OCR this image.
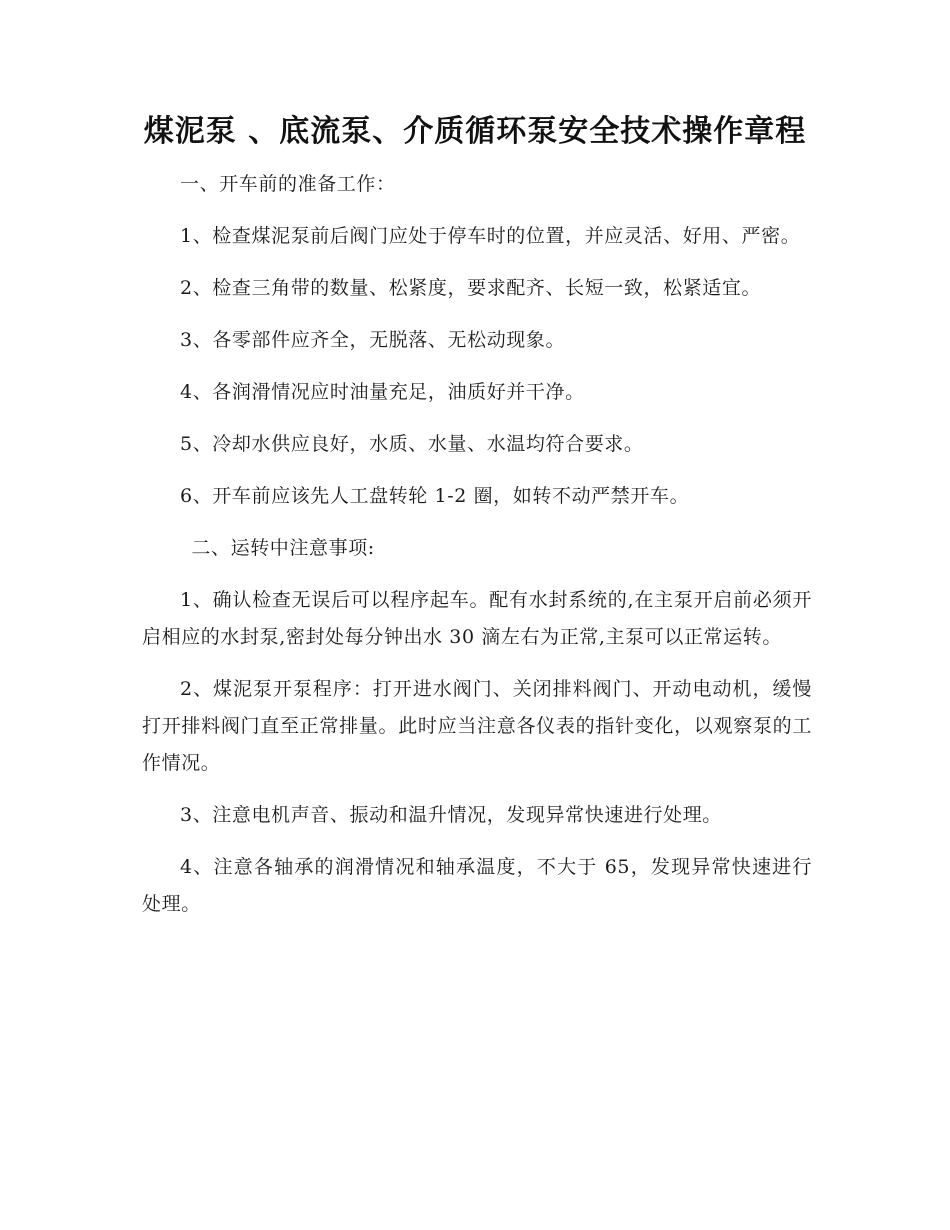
煤泥泵 、底流泵、介质循环泵安全技术操作章程

一、开车前的准备工作：

1、检查煤泥泵前后阀门应处于停车时的位置，并应灵活、好用、严密。

2、检查三角带的数量、松紧度，要求配齐、长短一致，松紧适宜。

3、各零部件应齐全，无脱落、无松动现象。

4、各润滑情况应时油量充足，油质好并干净。

5、冷却水供应良好，水质、水量、水温均符合要求。

6、开车前应该先人工盘转轮 1-2 圈，如转不动严禁开车。

二、运转中注意事项:

1、确认检查无误后可以程序起车。配有水封系统的,在主泵开启前必须开启相应的水封泵,密封处每分钟出水 30 滴左右为正常,主泵可以正常运转。

2、煤泥泵开泵程序：打开进水阀门、关闭排料阀门、开动电动机，缓慢打开排料阀门直至正常排量。此时应当注意各仪表的指针变化，以观察泵的工作情况。

3、注意电机声音、振动和温升情况，发现异常快速进行处理。

4、注意各轴承的润滑情况和轴承温度，不大于 65，发现异常快速进行处理。
